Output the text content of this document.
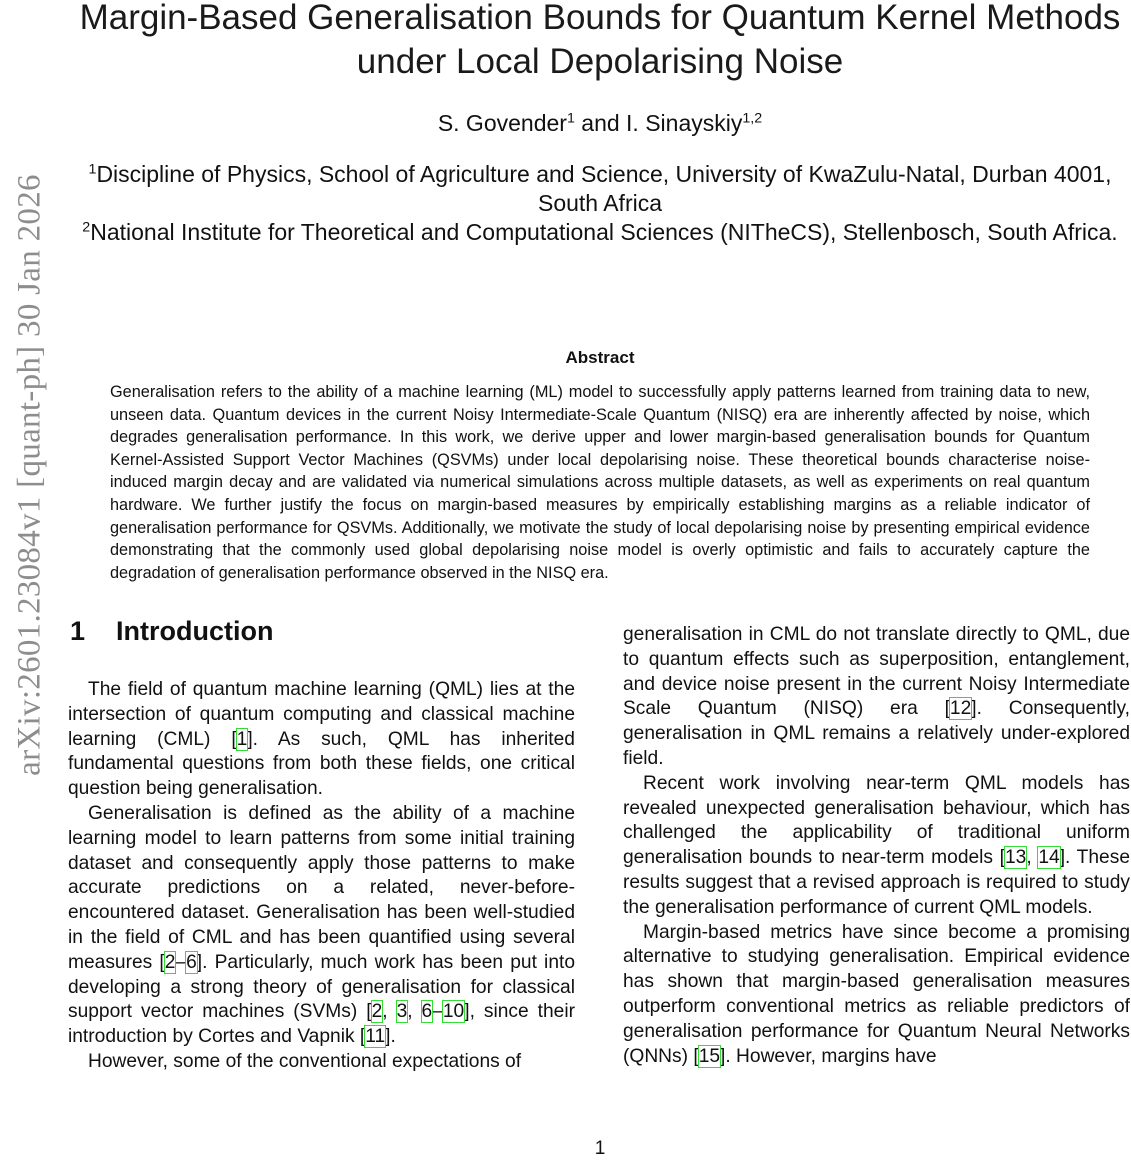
arXiv:2601.23084v1 [quant-ph] 30 Jan 2026
Margin-Based Generalisation Bounds for Quantum Kernel Methods under Local Depolarising Noise
S. Govender$^1$ and I. Sinayskiy$^{1,2}$

$^1$Discipline of Physics, School of Agriculture and Science, University of KwaZulu-Natal, Durban 4001, South Africa

$^2$National Institute for Theoretical and Computational Sciences (NITheCS), Stellenbosch, South Africa.

Abstract

Generalisation refers to the ability of a machine learning (ML) model to successfully apply patterns learned from training data to new, unseen data. Quantum devices in the current Noisy Intermediate-Scale Quantum (NISQ) era are inherently affected by noise, which degrades generalisation performance. In this work, we derive upper and lower margin-based generalisation bounds for Quantum Kernel-Assisted Support Vector Machines (QSVMs) under local depolarising noise. These theoretical bounds characterise noise-induced margin decay and are validated via numerical simulations across multiple datasets, as well as experiments on real quantum hardware. We further justify the focus on margin-based measures by empirically establishing margins as a reliable indicator of generalisation performance for QSVMs. Additionally, we motivate the study of local depolarising noise by presenting empirical evidence demonstrating that the commonly used global depolarising noise model is overly optimistic and fails to accurately capture the degradation of generalisation performance observed in the NISQ era.

1 Introduction

The field of quantum machine learning (QML) lies at the intersection of quantum computing and classical machine learning (CML) [1]. As such, QML has inherited fundamental questions from both these fields, one critical question being generalisation.

Generalisation is defined as the ability of a machine learning model to learn patterns from some initial training dataset and consequently apply those patterns to make accurate predictions on a related, never-before-encountered dataset. Generalisation has been well-studied in the field of CML and has been quantified using several measures [2–6]. Particularly, much work has been put into developing a strong theory of generalisation for classical support vector machines (SVMs) [2, 3, 6–10], since their introduction by Cortes and Vapnik [11].

However, some of the conventional expectations of

generalisation in CML do not translate directly to QML, due to quantum effects such as superposition, entanglement, and device noise present in the current Noisy Intermediate Scale Quantum (NISQ) era [12]. Consequently, generalisation in QML remains a relatively under-explored field.

Recent work involving near-term QML models has revealed unexpected generalisation behaviour, which has challenged the applicability of traditional uniform generalisation bounds to near-term models [13, 14]. These results suggest that a revised approach is required to study the generalisation performance of current QML models.

Margin-based metrics have since become a promising alternative to studying generalisation. Empirical evidence has shown that margin-based generalisation measures outperform conventional metrics as reliable predictors of generalisation performance for Quantum Neural Networks (QNNs) [15]. However, margins have

1
